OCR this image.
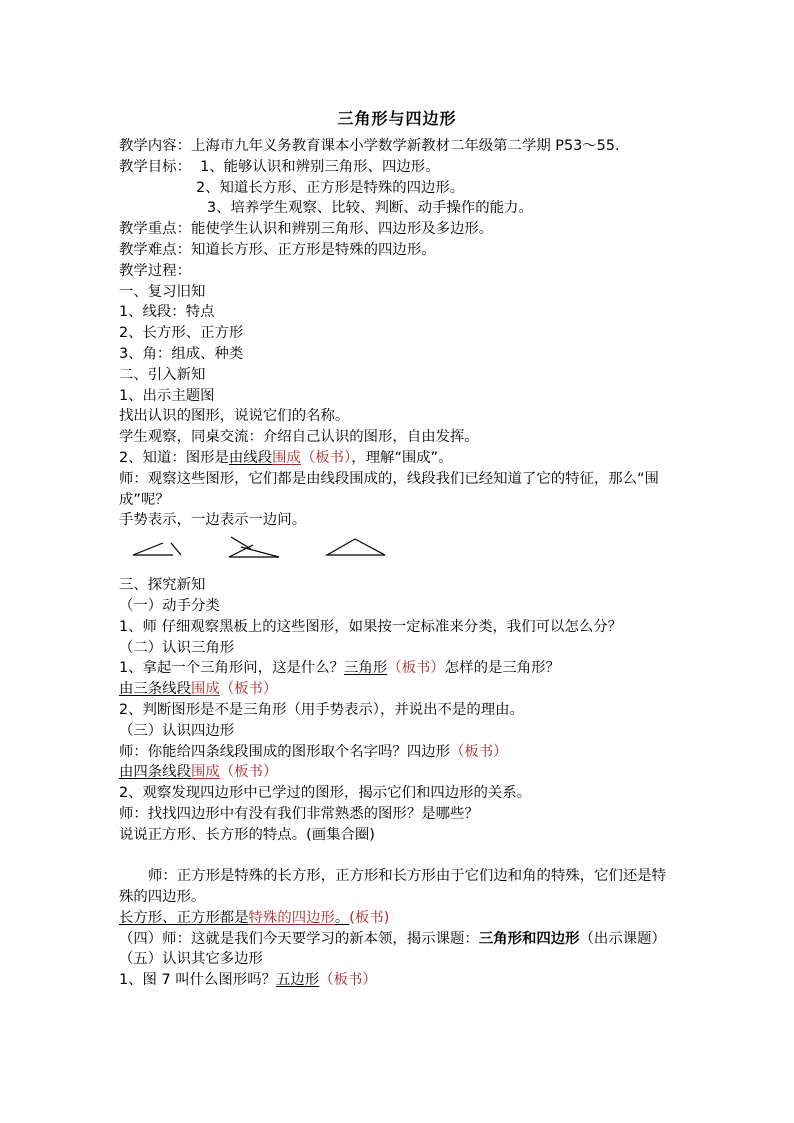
三角形与四边形

教学内容：上海市九年义务教育课本小学数学新教材二年级第二学期 P53～55.

教学目标：  1、能够认识和辨别三角形、四边形。

2、知道长方形、正方形是特殊的四边形。

3、培养学生观察、比较、判断、动手操作的能力。

教学重点：能使学生认识和辨别三角形、四边形及多边形。

教学难点：知道长方形、正方形是特殊的四边形。

教学过程：

一、复习旧知

1、线段：特点

2、长方形、正方形

3、角：组成、种类

二、引入新知

1、出示主题图

找出认识的图形，说说它们的名称。

学生观察，同桌交流：介绍自己认识的图形，自由发挥。

2、知道：图形是由线段围成（板书），理解“围成”。

师：观察这些图形，它们都是由线段围成的，线段我们已经知道了它的特征，那么“围成”呢？

手势表示，一边表示一边问。

三、探究新知

（一）动手分类

1、师 仔细观察黑板上的这些图形，如果按一定标准来分类，我们可以怎么分？

（二）认识三角形

1、拿起一个三角形问，这是什么？三角形（板书）怎样的是三角形？

由三条线段围成（板书）

2、判断图形是不是三角形（用手势表示），并说出不是的理由。

（三）认识四边形

师：你能给四条线段围成的图形取个名字吗？四边形（板书）

由四条线段围成（板书）

2、观察发现四边形中已学过的图形，揭示它们和四边形的关系。

师：找找四边形中有没有我们非常熟悉的图形？是哪些？

说说正方形、长方形的特点。(画集合圈)

师：正方形是特殊的长方形，正方形和长方形由于它们边和角的特殊，它们还是特殊的四边形。

长方形、正方形都是特殊的四边形。(板书)

（四）师：这就是我们今天要学习的新本领，揭示课题：三角形和四边形（出示课题）

（五）认识其它多边形

1、图 7 叫什么图形吗？五边形（板书）
